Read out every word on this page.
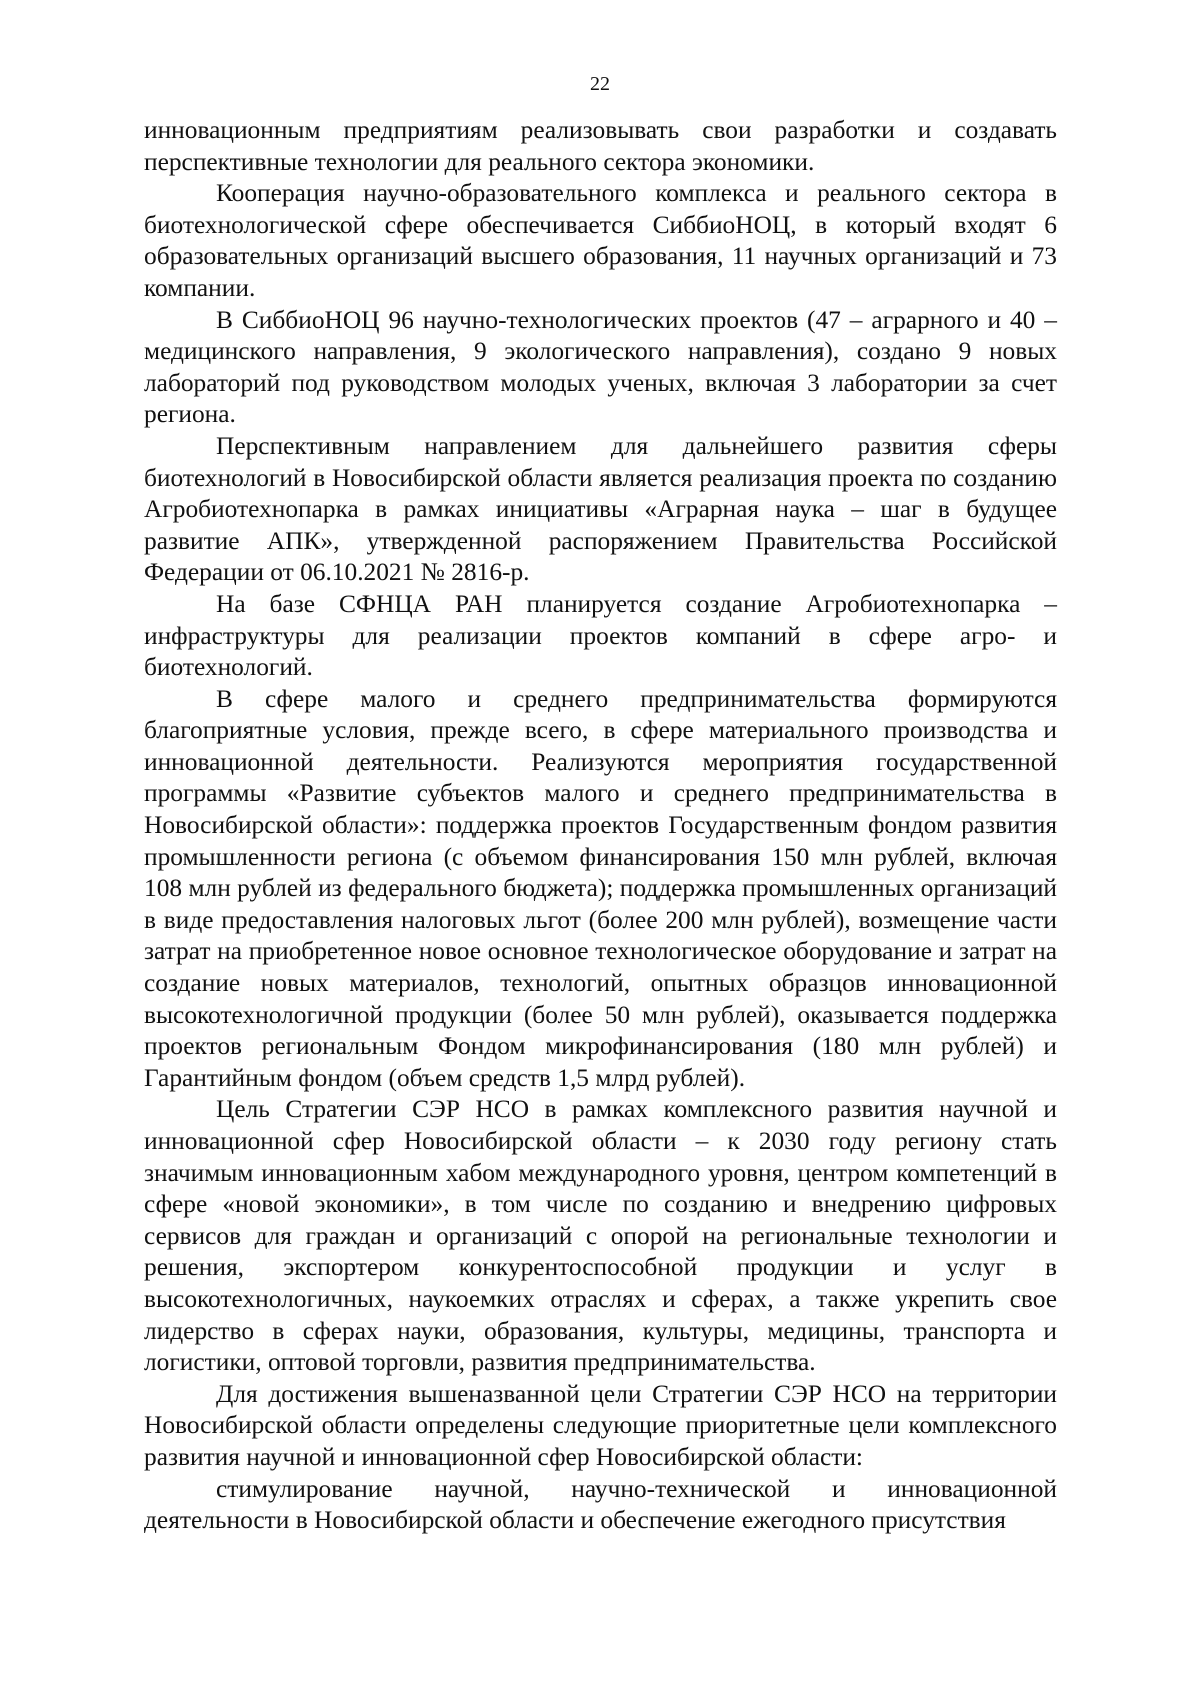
22

инновационным предприятиям реализовывать свои разработки и создавать перспективные технологии для реального сектора экономики.

Кооперация научно-образовательного комплекса и реального сектора в биотехнологической сфере обеспечивается СиббиоНОЦ, в который входят 6 образовательных организаций высшего образования, 11 научных организаций и 73 компании.

В СиббиоНОЦ 96 научно-технологических проектов (47 – аграрного и 40 – медицинского направления, 9 экологического направления), создано 9 новых лабораторий под руководством молодых ученых, включая 3 лаборатории за счет региона.

Перспективным направлением для дальнейшего развития сферы биотехнологий в Новосибирской области является реализация проекта по созданию Агробиотехнопарка в рамках инициативы «Аграрная наука – шаг в будущее развитие АПК», утвержденной распоряжением Правительства Российской Федерации от 06.10.2021 № 2816-р.

На базе СФНЦА РАН планируется создание Агробиотехнопарка – инфраструктуры для реализации проектов компаний в сфере агро- и биотехнологий.

В сфере малого и среднего предпринимательства формируются благоприятные условия, прежде всего, в сфере материального производства и инновационной деятельности. Реализуются мероприятия государственной программы «Развитие субъектов малого и среднего предпринимательства в Новосибирской области»: поддержка проектов Государственным фондом развития промышленности региона (с объемом финансирования 150 млн рублей, включая 108 млн рублей из федерального бюджета); поддержка промышленных организаций в виде предоставления налоговых льгот (более 200 млн рублей), возмещение части затрат на приобретенное новое основное технологическое оборудование и затрат на создание новых материалов, технологий, опытных образцов инновационной высокотехнологичной продукции (более 50 млн рублей), оказывается поддержка проектов региональным Фондом микрофинансирования (180 млн рублей) и Гарантийным фондом (объем средств 1,5 млрд рублей).

Цель Стратегии СЭР НСО в рамках комплексного развития научной и инновационной сфер Новосибирской области – к 2030 году региону стать значимым инновационным хабом международного уровня, центром компетенций в сфере «новой экономики», в том числе по созданию и внедрению цифровых сервисов для граждан и организаций с опорой на региональные технологии и решения, экспортером конкурентоспособной продукции и услуг в высокотехнологичных, наукоемких отраслях и сферах, а также укрепить свое лидерство в сферах науки, образования, культуры, медицины, транспорта и логистики, оптовой торговли, развития предпринимательства.

Для достижения вышеназванной цели Стратегии СЭР НСО на территории Новосибирской области определены следующие приоритетные цели комплексного развития научной и инновационной сфер Новосибирской области:

стимулирование научной, научно-технической и инновационной деятельности в Новосибирской области и обеспечение ежегодного присутствия
